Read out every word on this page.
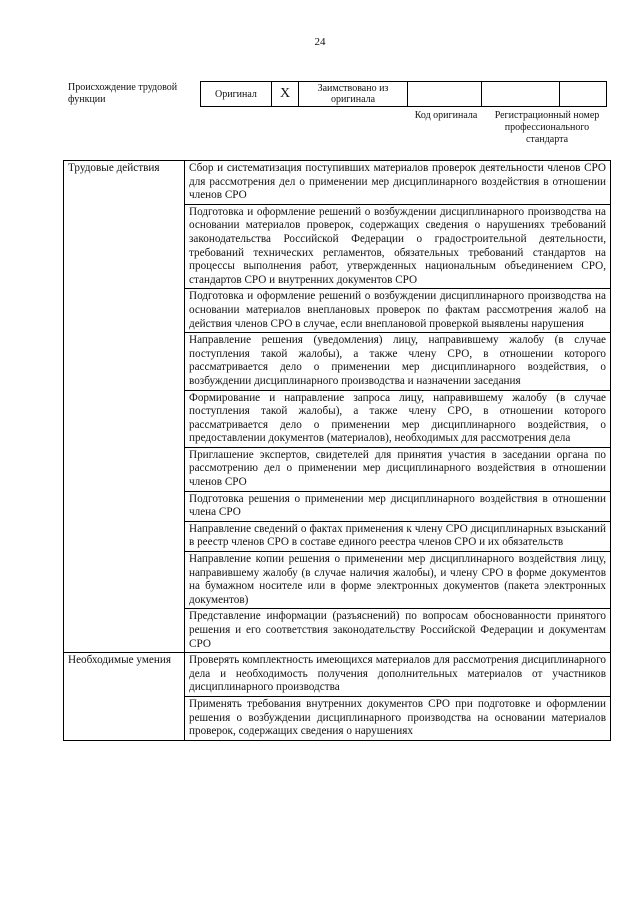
24
Происхождение трудовой функции	Оригинал	X	Заимствовано из оригинала
Код оригинала	Регистрационный номер профессионального стандарта
Трудовые действия	Сбор и систематизация поступивших материалов проверок деятельности членов СРО для рассмотрения дел о применении мер дисциплинарного воздействия в отношении членов СРО
	Подготовка и оформление решений о возбуждении дисциплинарного производства на основании материалов проверок, содержащих сведения о нарушениях требований законодательства Российской Федерации о градостроительной деятельности, требований технических регламентов, обязательных требований стандартов на процессы выполнения работ, утвержденных национальным объединением СРО, стандартов СРО и внутренних документов СРО
	Подготовка и оформление решений о возбуждении дисциплинарного производства на основании материалов внеплановых проверок по фактам рассмотрения жалоб на действия членов СРО в случае, если внеплановой проверкой выявлены нарушения
	Направление решения (уведомления) лицу, направившему жалобу (в случае поступления такой жалобы), а также члену СРО, в отношении которого рассматривается дело о применении мер дисциплинарного воздействия, о возбуждении дисциплинарного производства и назначении заседания
	Формирование и направление запроса лицу, направившему жалобу (в случае поступления такой жалобы), а также члену СРО, в отношении которого рассматривается дело о применении мер дисциплинарного воздействия, о предоставлении документов (материалов), необходимых для рассмотрения дела
	Приглашение экспертов, свидетелей для принятия участия в заседании органа по рассмотрению дел о применении мер дисциплинарного воздействия в отношении членов СРО
	Подготовка решения о применении мер дисциплинарного воздействия в отношении члена СРО
	Направление сведений о фактах применения к члену СРО дисциплинарных взысканий в реестр членов СРО в составе единого реестра членов СРО и их обязательств
	Направление копии решения о применении мер дисциплинарного воздействия лицу, направившему жалобу (в случае наличия жалобы), и члену СРО в форме документов на бумажном носителе или в форме электронных документов (пакета электронных документов)
	Представление информации (разъяснений) по вопросам обоснованности принятого решения и его соответствия законодательству Российской Федерации и документам СРО
Необходимые умения	Проверять комплектность имеющихся материалов для рассмотрения дисциплинарного дела и необходимость получения дополнительных материалов от участников дисциплинарного производства
	Применять требования внутренних документов СРО при подготовке и оформлении решения о возбуждении дисциплинарного производства на основании материалов проверок, содержащих сведения о нарушениях
